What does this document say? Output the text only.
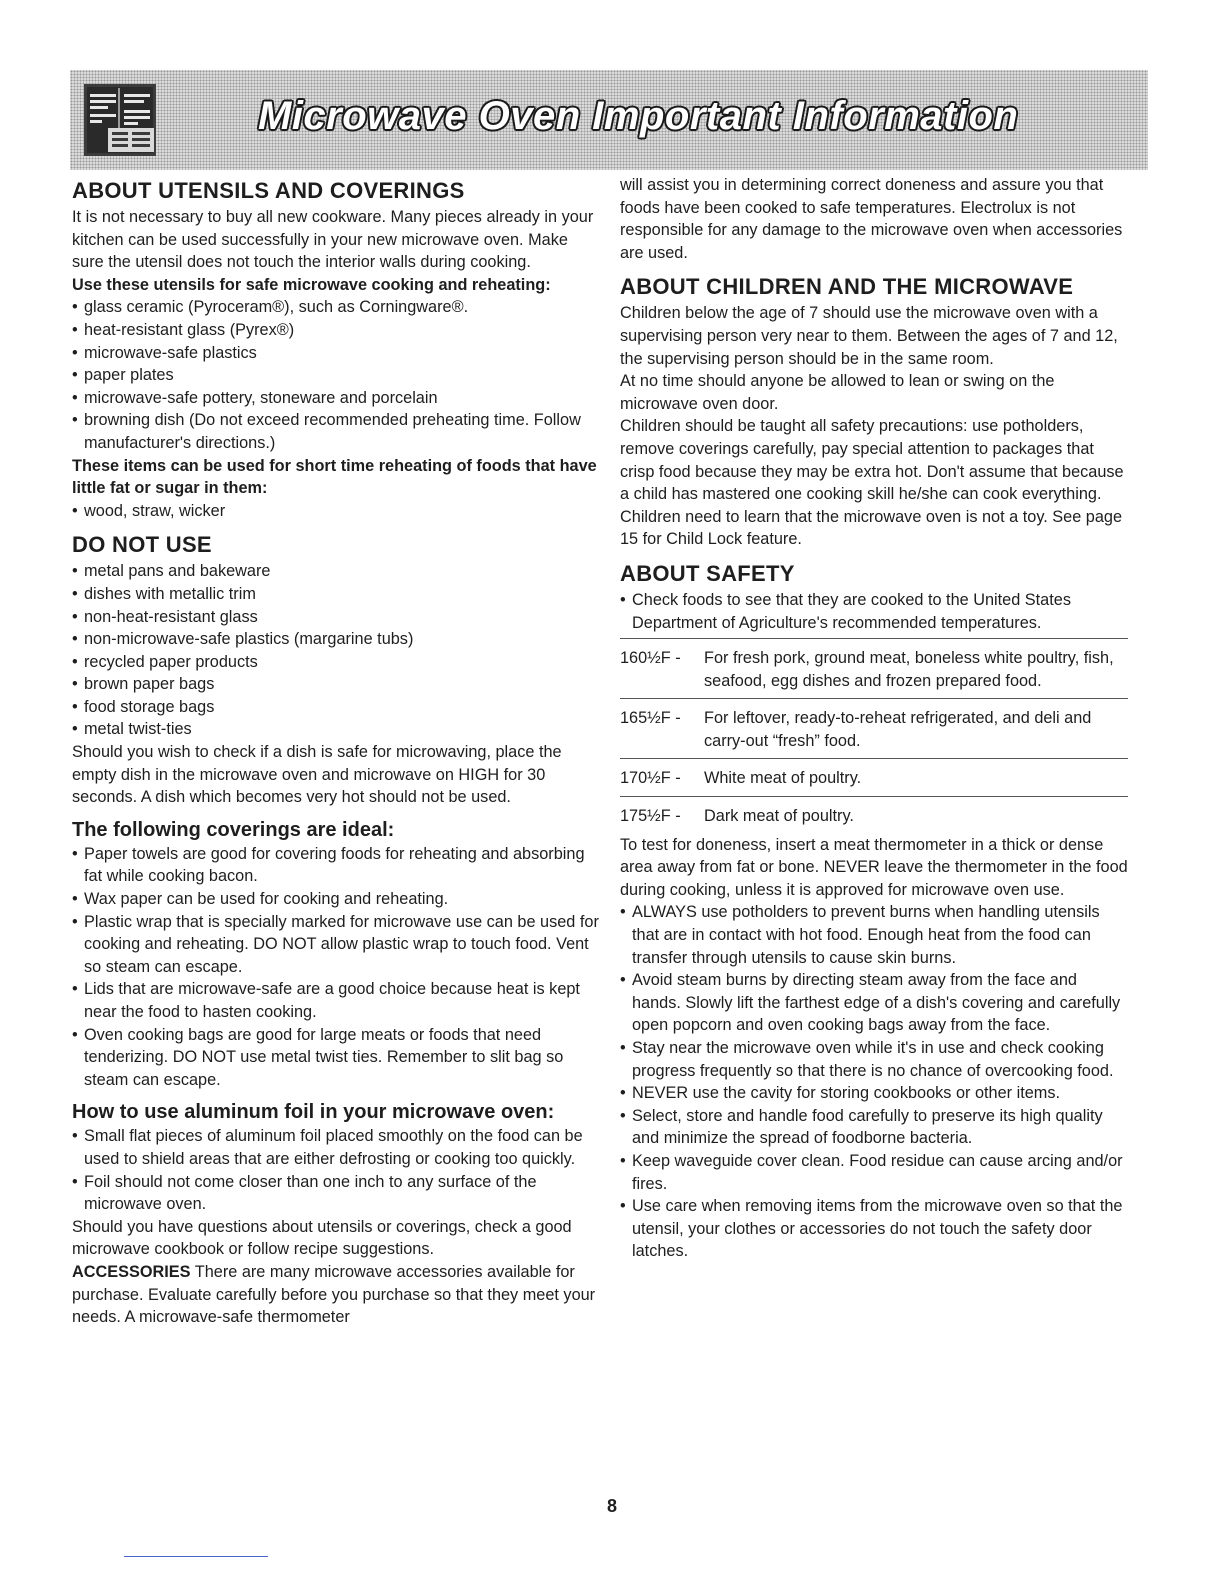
Microwave Oven Important Information
ABOUT UTENSILS AND COVERINGS

It is not necessary to buy all new cookware. Many pieces already in your kitchen can be used successfully in your new microwave oven. Make sure the utensil does not touch the interior walls during cooking.

Use these utensils for safe microwave cooking and reheating:

• glass ceramic (Pyroceram®), such as Corningware®.
• heat-resistant glass (Pyrex®)
• microwave-safe plastics
• paper plates
• microwave-safe pottery, stoneware and porcelain
• browning dish (Do not exceed recommended preheating time. Follow manufacturer's directions.)

These items can be used for short time reheating of foods that have little fat or sugar in them:

• wood, straw, wicker
DO NOT USE
• metal pans and bakeware
• dishes with metallic trim
• non-heat-resistant glass
• non-microwave-safe plastics (margarine tubs)
• recycled paper products
• brown paper bags
• food storage bags
• metal twist-ties

Should you wish to check if a dish is safe for microwaving, place the empty dish in the microwave oven and microwave on HIGH for 30 seconds. A dish which becomes very hot should not be used.

The following coverings are ideal:
• Paper towels are good for covering foods for reheating and absorbing fat while cooking bacon.
• Wax paper can be used for cooking and reheating.
• Plastic wrap that is specially marked for microwave use can be used for cooking and reheating. DO NOT allow plastic wrap to touch food. Vent so steam can escape.
• Lids that are microwave-safe are a good choice because heat is kept near the food to hasten cooking.
• Oven cooking bags are good for large meats or foods that need tenderizing. DO NOT use metal twist ties. Remember to slit bag so steam can escape.
How to use aluminum foil in your microwave oven:
• Small flat pieces of aluminum foil placed smoothly on the food can be used to shield areas that are either defrosting or cooking too quickly.
• Foil should not come closer than one inch to any surface of the microwave oven.

Should you have questions about utensils or coverings, check a good microwave cookbook or follow recipe suggestions.

ACCESSORIES There are many microwave accessories available for purchase. Evaluate carefully before you purchase so that they meet your needs. A microwave-safe thermometer

will assist you in determining correct doneness and assure you that foods have been cooked to safe temperatures. Electrolux is not responsible for any damage to the microwave oven when accessories are used.

ABOUT CHILDREN AND THE MICROWAVE

Children below the age of 7 should use the microwave oven with a supervising person very near to them. Between the ages of 7 and 12, the supervising person should be in the same room.

At no time should anyone be allowed to lean or swing on the microwave oven door.

Children should be taught all safety precautions: use potholders, remove coverings carefully, pay special attention to packages that crisp food because they may be extra hot. Don't assume that because a child has mastered one cooking skill he/she can cook everything.

Children need to learn that the microwave oven is not a toy. See page 15 for Child Lock feature.

ABOUT SAFETY
• Check foods to see that they are cooked to the United States Department of Agriculture's recommended temperatures.
160½F -	For fresh pork, ground meat, boneless white poultry, fish, seafood, egg dishes and frozen prepared food.
165½F -	For leftover, ready-to-reheat refrigerated, and deli and carry-out “fresh” food.
170½F -	White meat of poultry.
175½F -	Dark meat of poultry.

To test for doneness, insert a meat thermometer in a thick or dense area away from fat or bone. NEVER leave the thermometer in the food during cooking, unless it is approved for microwave oven use.

• ALWAYS use potholders to prevent burns when handling utensils that are in contact with hot food. Enough heat from the food can transfer through utensils to cause skin burns.
• Avoid steam burns by directing steam away from the face and hands. Slowly lift the farthest edge of a dish's covering and carefully open popcorn and oven cooking bags away from the face.
• Stay near the microwave oven while it's in use and check cooking progress frequently so that there is no chance of overcooking food.
• NEVER use the cavity for storing cookbooks or other items.
• Select, store and handle food carefully to preserve its high quality and minimize the spread of foodborne bacteria.
• Keep waveguide cover clean. Food residue can cause arcing and/or fires.
• Use care when removing items from the microwave oven so that the utensil, your clothes or accessories do not touch the safety door latches.
8
